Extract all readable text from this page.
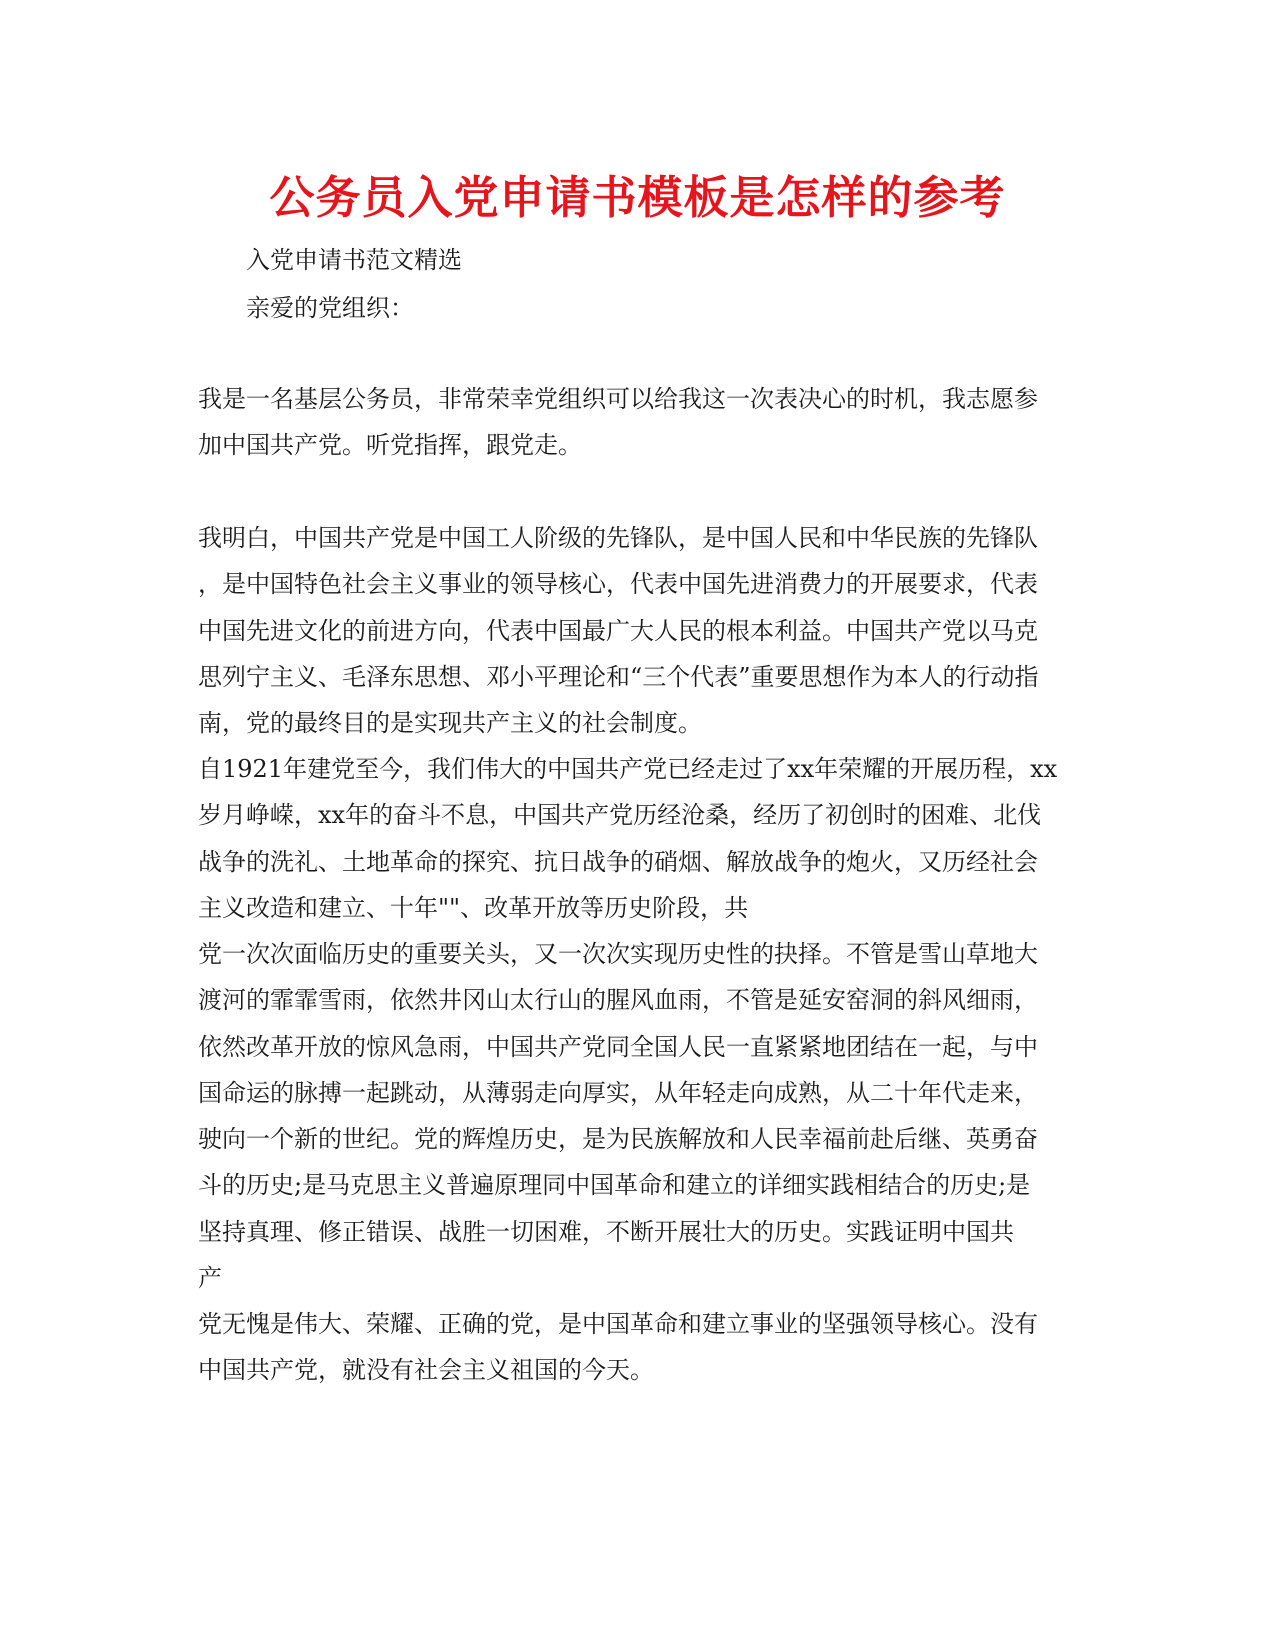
公务员入党申请书模板是怎样的参考

入党申请书范文精选

亲爱的党组织：

我是一名基层公务员，非常荣幸党组织可以给我这一次表决心的时机，我志愿参

加中国共产党。听党指挥，跟党走。

我明白，中国共产党是中国工人阶级的先锋队，是中国人民和中华民族的先锋队

，是中国特色社会主义事业的领导核心，代表中国先进消费力的开展要求，代表

中国先进文化的前进方向，代表中国最广大人民的根本利益。中国共产党以马克

思列宁主义、毛泽东思想、邓小平理论和“三个代表”重要思想作为本人的行动指

南，党的最终目的是实现共产主义的社会制度。

自1921年建党至今，我们伟大的中国共产党已经走过了xx年荣耀的开展历程，xx

岁月峥嵘，xx年的奋斗不息，中国共产党历经沧桑，经历了初创时的困难、北伐

战争的洗礼、土地革命的探究、抗日战争的硝烟、解放战争的炮火，又历经社会

主义改造和建立、十年""、改革开放等历史阶段，共

党一次次面临历史的重要关头，又一次次实现历史性的抉择。不管是雪山草地大

渡河的霏霏雪雨，依然井冈山太行山的腥风血雨，不管是延安窑洞的斜风细雨，

依然改革开放的惊风急雨，中国共产党同全国人民一直紧紧地团结在一起，与中

国命运的脉搏一起跳动，从薄弱走向厚实，从年轻走向成熟，从二十年代走来，

驶向一个新的世纪。党的辉煌历史，是为民族解放和人民幸福前赴后继、英勇奋

斗的历史;是马克思主义普遍原理同中国革命和建立的详细实践相结合的历史;是

坚持真理、修正错误、战胜一切困难，不断开展壮大的历史。实践证明中国共

产

党无愧是伟大、荣耀、正确的党，是中国革命和建立事业的坚强领导核心。没有

中国共产党，就没有社会主义祖国的今天。
